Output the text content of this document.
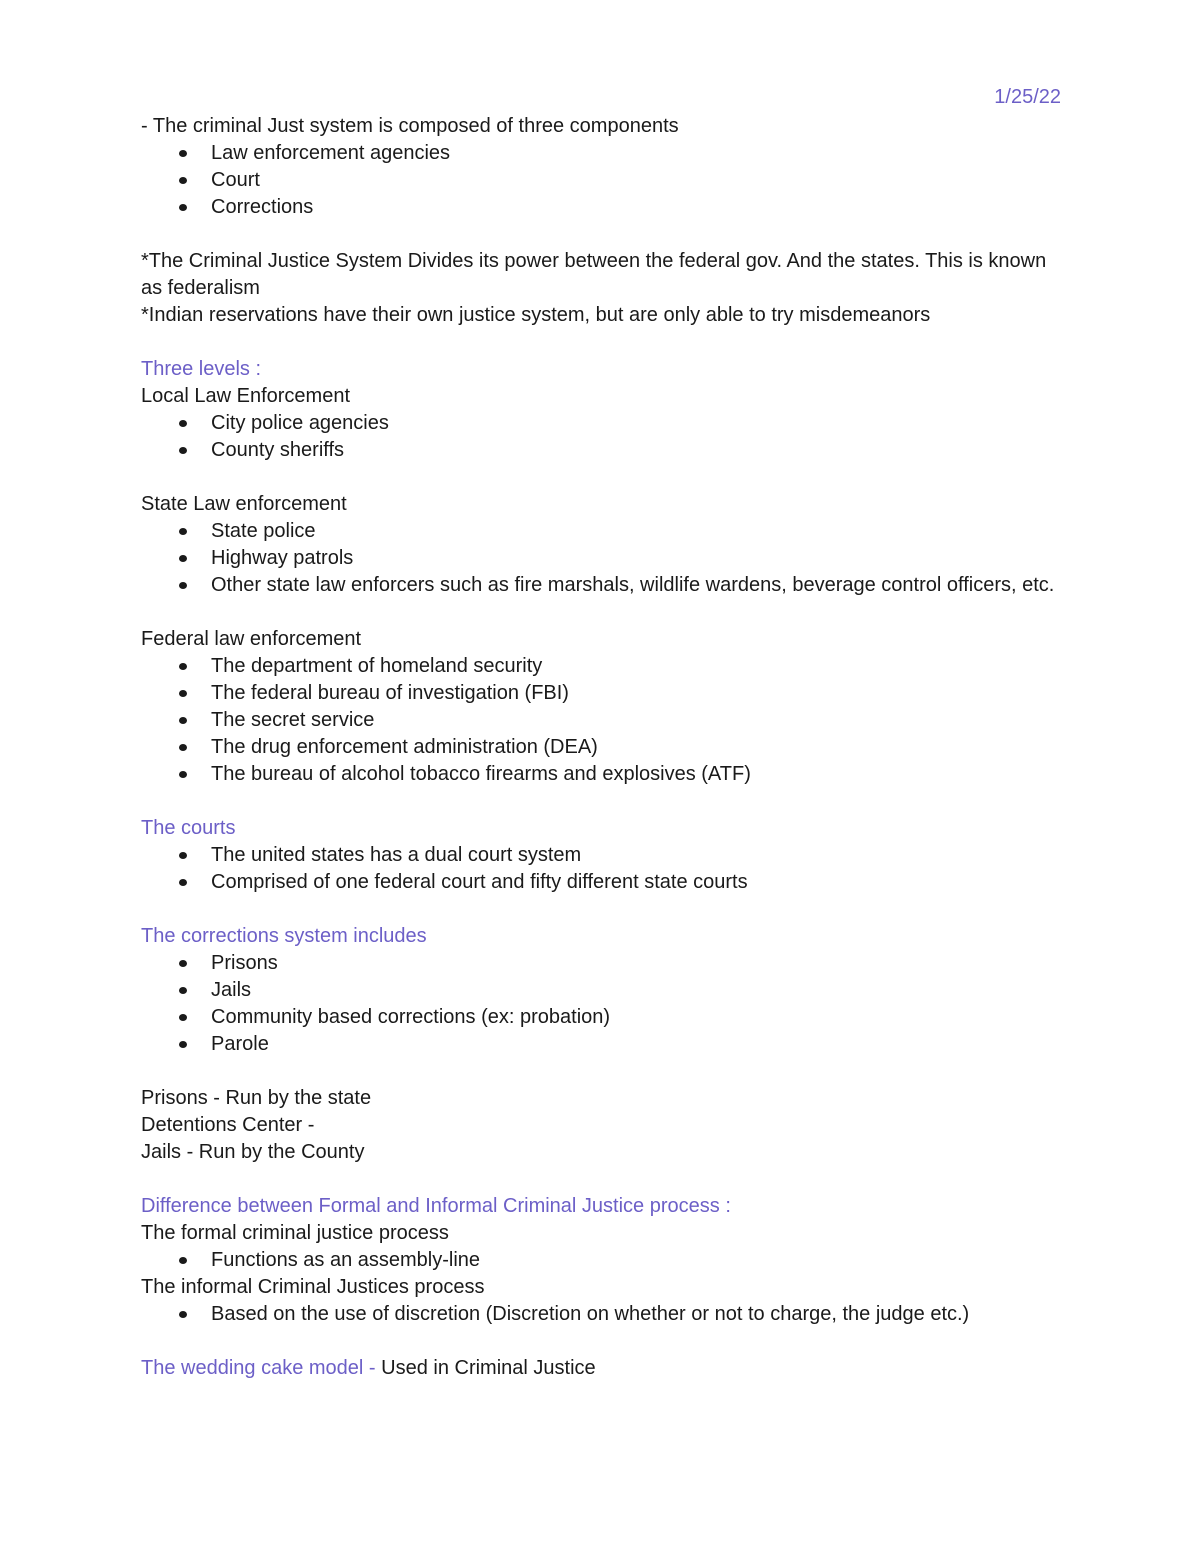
1/25/22
- The criminal Just system is composed of three components
Law enforcement agencies
Court
Corrections
*The Criminal Justice System Divides its power between the federal gov. And the states. This is known as federalism
*Indian reservations have their own justice system, but are only able to try misdemeanors
Three levels :
Local Law Enforcement
City police agencies
County sheriffs
State Law enforcement
State police
Highway patrols
Other state law enforcers such as fire marshals, wildlife wardens, beverage control officers, etc.
Federal law enforcement
The department of homeland security
The federal bureau of investigation (FBI)
The secret service
The drug enforcement administration (DEA)
The bureau of alcohol tobacco firearms and explosives (ATF)
The courts
The united states has a dual court system
Comprised of one federal court and fifty different state courts
The corrections system includes
Prisons
Jails
Community based corrections (ex: probation)
Parole
Prisons - Run by the state
Detentions Center -
Jails - Run by the County
Difference between Formal and Informal Criminal Justice process :
The formal criminal justice process
Functions as an assembly-line
The informal Criminal Justices process
Based on the use of discretion (Discretion on whether or not to charge, the judge etc.)
The wedding cake model - Used in Criminal Justice
